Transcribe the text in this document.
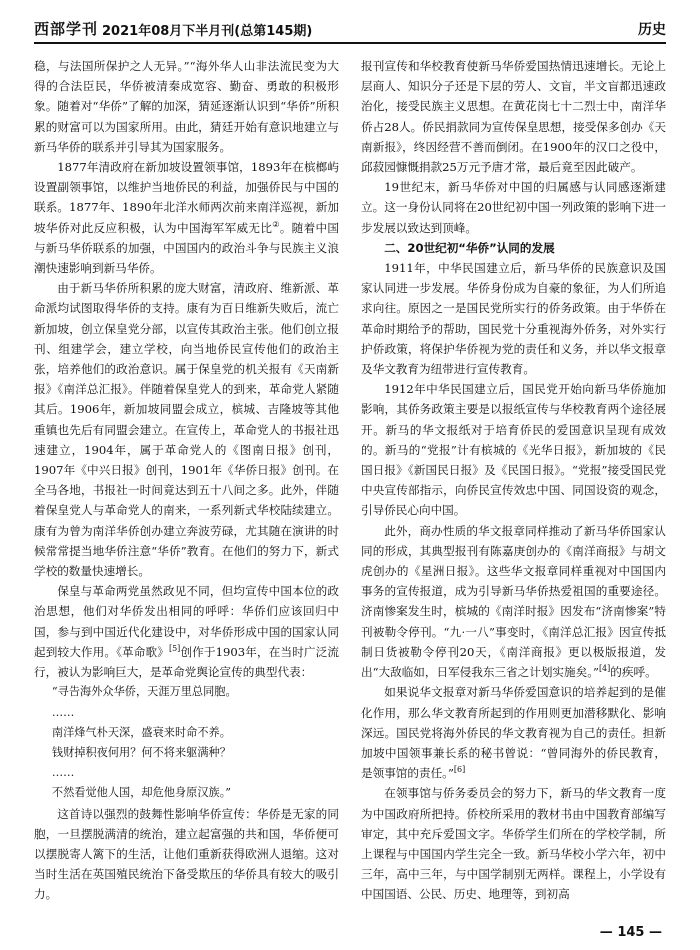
西部学刊 2021年08月下半月刊(总第145期)	历史

稳，与法国所保护之人无异。”“海外华人山非法流民变为大得的合法臣民，华侨被清秦成宽容、勤奋、勇敢的积极形象。随着对“华侨”了解的加深，猜延逐渐认识到“华侨”所积累的财富可以为国家所用。由此，猜廷开始有意识地建立与新马华侨的联系并引导其为国家服务。

1877年清政府在新加坡设置领事馆，1893年在槟榔屿设置副领事馆，以维护当地侨民的利益，加强侨民与中国的联系。1877年、1890年北洋水师两次前来南洋巡视，新加坡华侨对此反应积极，认为中国海军军威无比②。随着中国与新马华侨联系的加强，中国国内的政治斗争与民族主义浪潮快速影响到新马华侨。

由于新马华侨所积累的庞大财富，清政府、维新派、革命派均试图取得华侨的支持。康有为百日维新失败后，流亡新加坡，创立保皇党分部，以宣传其政治主张。他们创立报刊、组建学会，建立学校，向当地侨民宣传他们的政治主张，培养他们的政治意识。属于保皇党的机关报有《天南新报》《南洋总汇报》。伴随着保皇党人的到来，革命党人紧随其后。1906年，新加坡同盟会成立，槟城、吉隆坡等其他重镇也先后有同盟会建立。在宣传上，革命党人的书报社迅速建立，1904年，属于革命党人的《图南日报》创刊，1907年《中兴日报》创刊，1901年《华侨日报》创刊。在全马各地，书报社一时间竟达到五十八间之多。此外，伴随着保皇党人与革命党人的南来，一系列新式华校陆续建立。康有为曾为南洋华侨创办建立奔波劳碌，尤其随在演讲的时候常常提当地华侨注意“华侨”教育。在他们的努力下，新式学校的数量快速增长。

保皇与革命两党虽然政见不同，但均宣传中国本位的政治思想，他们对华侨发出相同的呼呼：华侨们应该回归中国，参与到中国近代化建设中，对华侨形成中国的国家认同起到较大作用。《革命歌》[5]创作于1903年，在当时广泛流行，被认为影响巨大，是革命党舆论宣传的典型代表：

“寻告海外众华侨，天涯万里总同胞。
……
南洋烽气朴天深，盛衰来时命不养。
钱财掉积夜何用？何不将来躯满种？
……
不然看觉他人国，却危他身原汉族。”

这首诗以强烈的鼓舞性影响华侨宣传：华侨是无家的同胞，一旦摆脱满清的统治，建立起富强的共和国，华侨便可以摆脱寄人篱下的生活，让他们重新获得欧洲人退缩。这对当时生活在英国殖民统治下备受欺压的华侨具有较大的吸引力。

报刊宣传和华校教育使新马华侨爱国热情迅速增长。无论上层商人、知识分子还是下层的劳人、文盲，半文盲都迅速政治化，接受民族主义思想。在黄花岗七十二烈士中，南洋华侨占28人。侨民捐款同为宣传保皇思想，接受保多创办《天南新报》，终因经营不善而倒闭。在1900年的汉口之役中，邱菽园慷慨捐款25万元予唐才常，最后竟至因此破产。

19世纪末，新马华侨对中国的归属感与认同感逐渐建立。这一身份认同将在20世纪初中国一列政策的影响下进一步发展以致达到顶峰。

二、20世纪初“华侨”认同的发展

1911年，中华民国建立后，新马华侨的民族意识及国家认同进一步发展。华侨身份成为自豪的象征，为人们所追求向往。原因之一是国民党所实行的侨务政策。由于华侨在革命时期给予的帮助，国民党十分重视海外侨务，对外实行护侨政策，将保护华侨视为党的责任和义务，并以华文报章及华文教育为纽带进行宣传教育。

1912年中华民国建立后，国民党开始向新马华侨施加影响，其侨务政策主要是以报纸宣传与华校教育两个途径展开。新马的华文报纸对于培育侨民的爱国意识呈现有成效的。新马的“党报”计有槟城的《光华日报》，新加坡的《民国日报》《新国民日报》及《民国日报》。“党报”接受国民党中央宣传部指示，向侨民宣传效忠中国、同国设资的观念，引导侨民心向中国。

此外，商办性质的华文报章同样推动了新马华侨国家认同的形成，其典型报刊有陈嘉庚创办的《南洋商报》与胡文虎创办的《星洲日报》。这些华文报章同样重视对中国国内事务的宣传报道，成为引导新马华侨热爱祖国的重要途径。济南惨案发生时，槟城的《南洋时报》因发布“济南惨案”特刊被勒令停刊。“九·一八”事变时，《南洋总汇报》因宣传抵制日货被勒令停刊20天，《南洋商报》更以极版报道，发出“大敌临如，日军侵我东三省之计划实施矣。”[4]的疾呼。

如果说华文报章对新马华侨爱国意识的培养起到的是催化作用，那么华文教育所起到的作用则更加潜移默化、影响深远。国民党将海外侨民的华文教育视为自己的责任。担新加坡中国领事兼长系的秘书曾说：“曾同海外的侨民教育，是领事馆的责任。”[6]

在领事馆与侨务委员会的努力下，新马的华文教育一度为中国政府所把持。侨校所采用的教材书由中国教育部编写审定，其中充斥爱国文字。华侨学生们所在的学校学制，所上课程与中国国内学生完全一致。新马华校小学六年，初中三年，高中三年，与中国学制别无两样。课程上，小学设有中国国语、公民、历史、地理等，到初高

— 145 —
